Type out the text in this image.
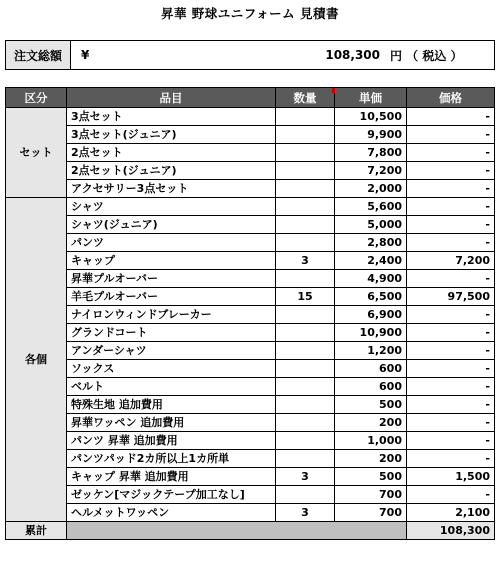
昇華 野球ユニフォーム 見積書
注文総額	¥	108,300 円 （ 税込 ）
区分	品目	数量	単価	価格
セット	3点セット		10,500	-
	3点セット(ジュニア)		9,900	-
	2点セット		7,800	-
	2点セット(ジュニア)		7,200	-
	アクセサリー3点セット		2,000	-
各個	シャツ		5,600	-
	シャツ(ジュニア)		5,000	-
	パンツ		2,800	-
	キャップ	3	2,400	7,200
	昇華プルオーバー		4,900	-
	羊毛プルオーバー	15	6,500	97,500
	ナイロンウィンドブレーカー		6,900	-
	グランドコート		10,900	-
	アンダーシャツ		1,200	-
	ソックス		600	-
	ベルト		600	-
	特殊生地 追加費用		500	-
	昇華ワッペン 追加費用		200	-
	パンツ 昇華 追加費用		1,000	-
	パンツパッド2カ所以上1カ所単		200	-
	キャップ 昇華 追加費用	3	500	1,500
	ゼッケン[マジックテープ加工なし]		700	-
	ヘルメットワッペン	3	700	2,100
累計				108,300
